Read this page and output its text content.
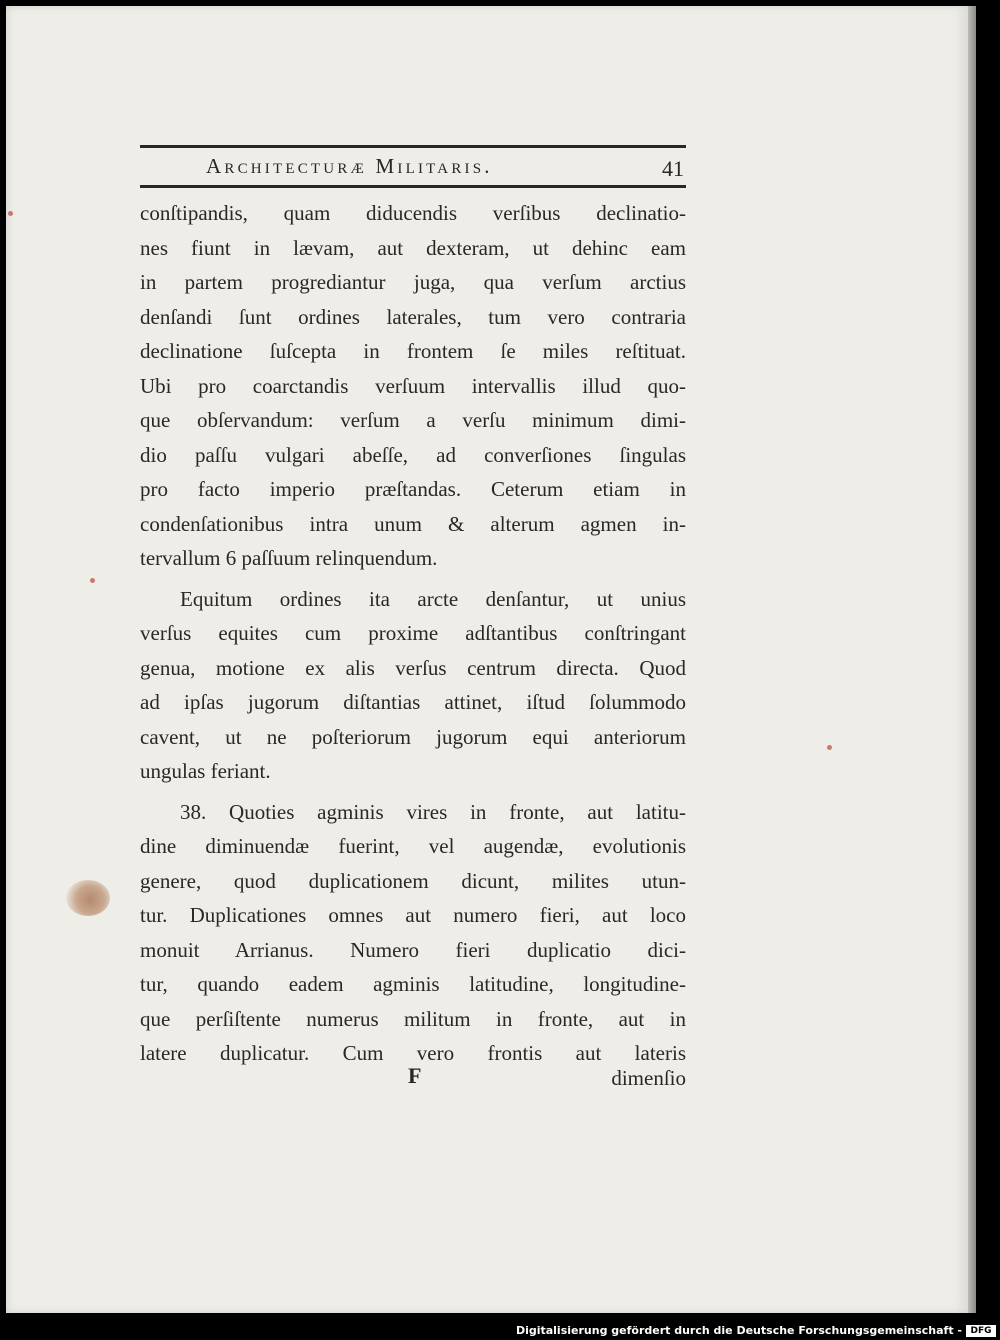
Architecturæ Militaris.	41
conſtipandis, quam diducendis verſibus declinatio-
nes fiunt in lævam, aut dexteram, ut dehinc eam
in partem progrediantur juga, qua verſum arctius
denſandi ſunt ordines laterales, tum vero contraria
declinatione ſuſcepta in frontem ſe miles reſtituat.
Ubi pro coarctandis verſuum intervallis illud quo-
que obſervandum: verſum a verſu minimum dimi-
dio paſſu vulgari abeſſe, ad converſiones ſingulas
pro facto imperio præſtandas. Ceterum etiam in
condenſationibus intra unum & alterum agmen in-
tervallum 6 paſſuum relinquendum.
Equitum ordines ita arcte denſantur, ut unius
verſus equites cum proxime adſtantibus conſtringant
genua, motione ex alis verſus centrum directa. Quod
ad ipſas jugorum diſtantias attinet, iſtud ſolummodo
cavent, ut ne poſteriorum jugorum equi anteriorum
ungulas feriant.
38. Quoties agminis vires in fronte, aut latitu-
dine diminuendæ fuerint, vel augendæ, evolutionis
genere, quod duplicationem dicunt, milites utun-
tur. Duplicationes omnes aut numero fieri, aut loco
monuit Arrianus. Numero fieri duplicatio dici-
tur, quando eadem agminis latitudine, longitudine-
que perſiſtente numerus militum in fronte, aut in
latere duplicatur. Cum vero frontis aut lateris
F	dimenſio
Digitalisierung gefördert durch die Deutsche Forschungsgemeinschaft - DFG
